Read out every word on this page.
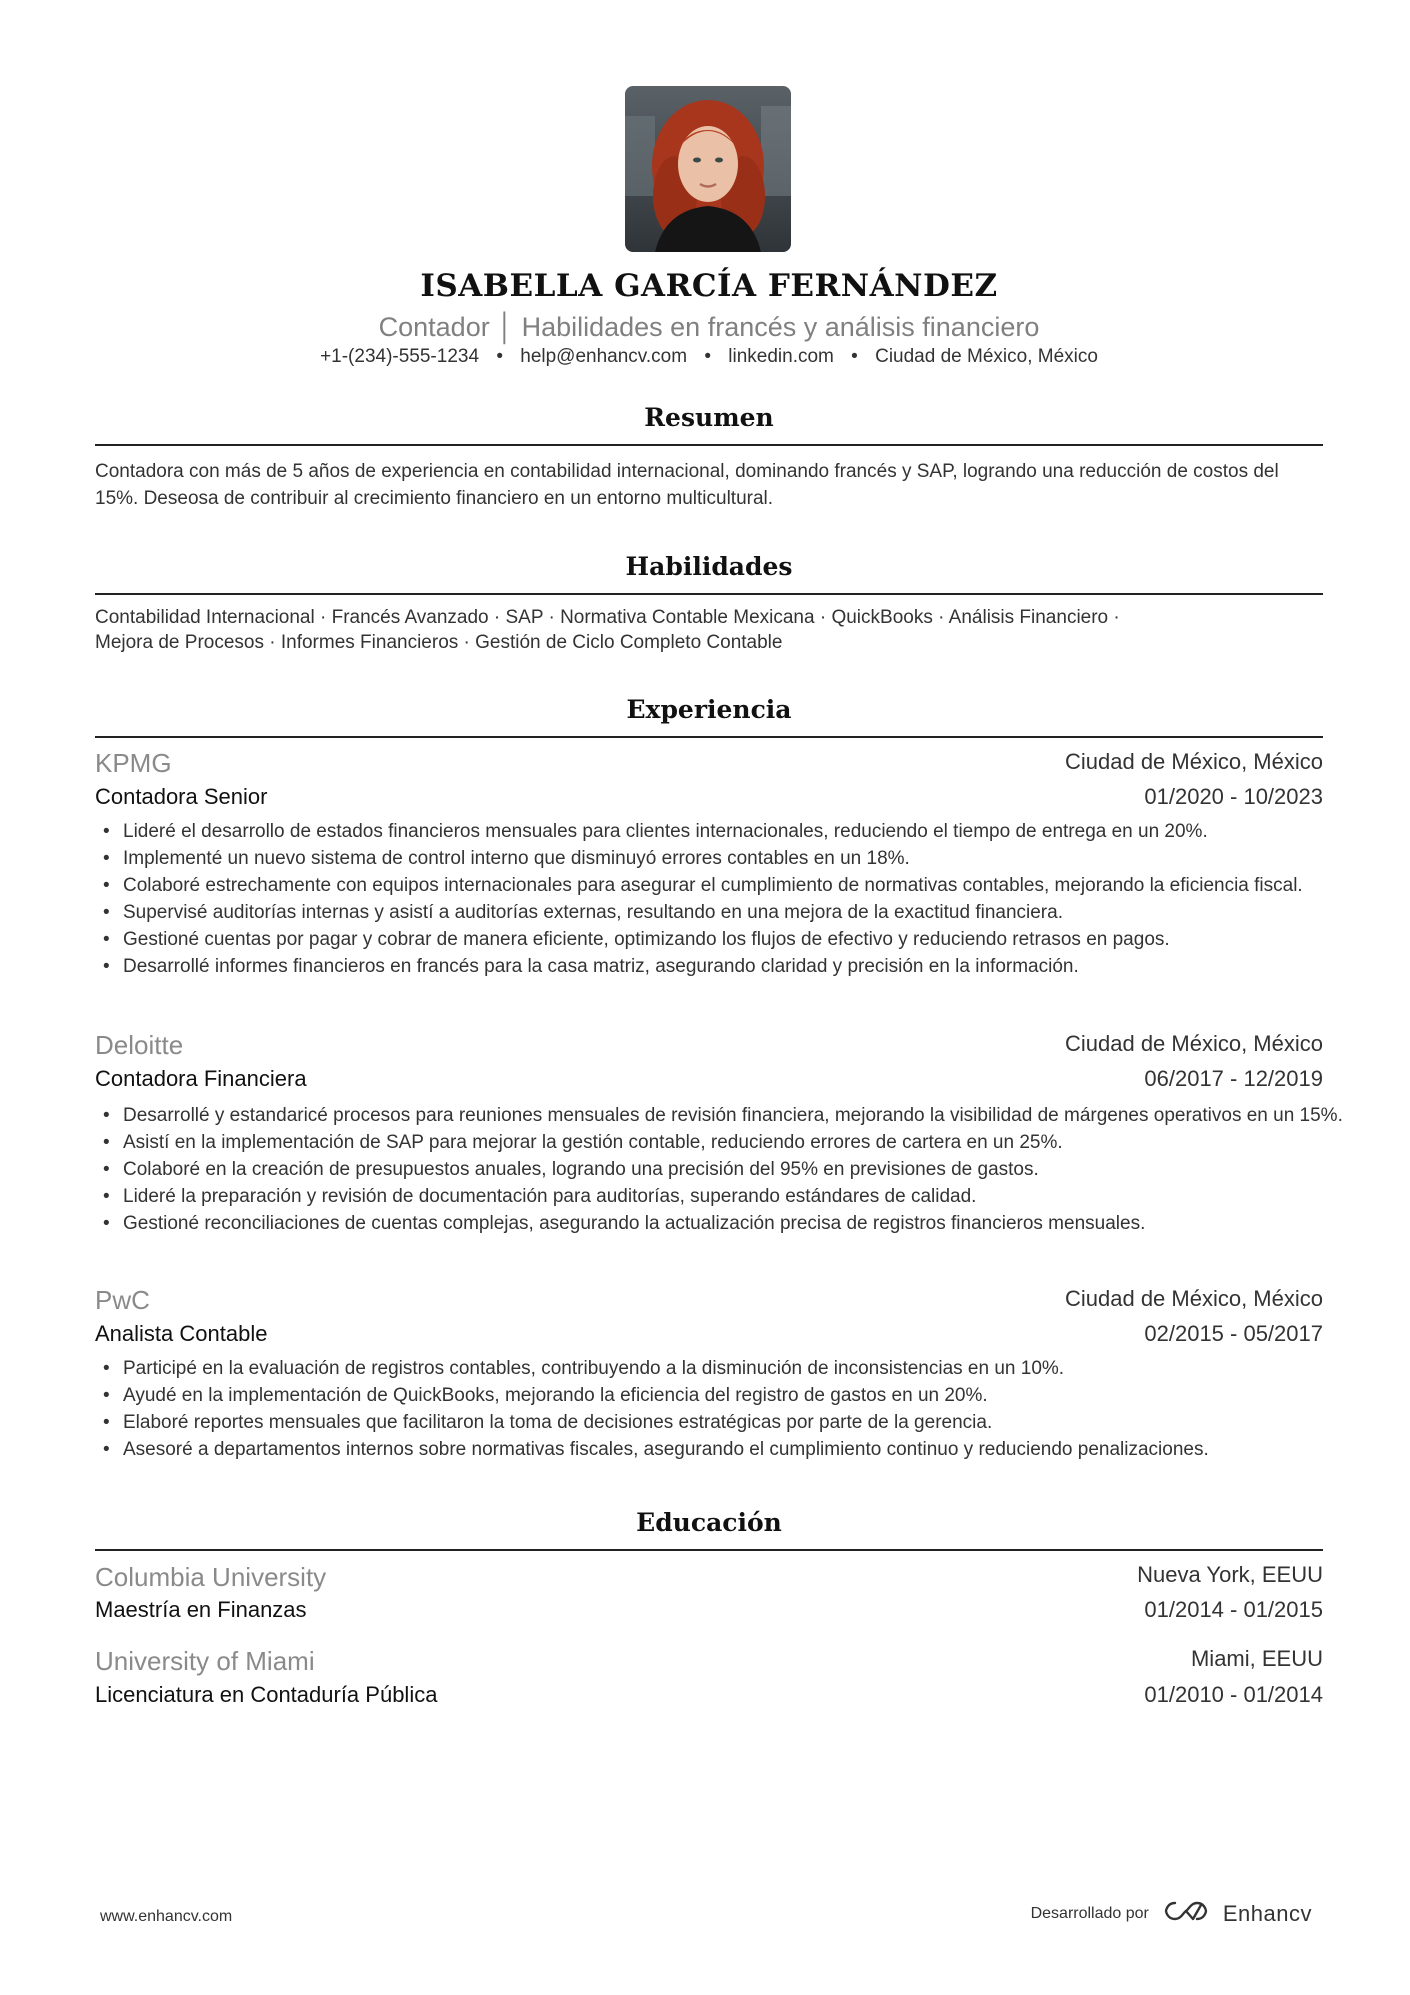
ISABELLA GARCÍA FERNÁNDEZ
Contador │ Habilidades en francés y análisis financiero
+1-(234)-555-1234 • help@enhancv.com • linkedin.com • Ciudad de México, México
Resumen

Contadora con más de 5 años de experiencia en contabilidad internacional, dominando francés y SAP, logrando una reducción de costos del 15%. Deseosa de contribuir al crecimiento financiero en un entorno multicultural.

Habilidades
Contabilidad Internacional · Francés Avanzado · SAP · Normativa Contable Mexicana · QuickBooks · Análisis Financiero ·
Mejora de Procesos · Informes Financieros · Gestión de Ciclo Completo Contable
Experiencia
KPMG	Ciudad de México, México
Contadora Senior	01/2020 - 10/2023
• Lideré el desarrollo de estados financieros mensuales para clientes internacionales, reduciendo el tiempo de entrega en un 20%.
• Implementé un nuevo sistema de control interno que disminuyó errores contables en un 18%.
• Colaboré estrechamente con equipos internacionales para asegurar el cumplimiento de normativas contables, mejorando la eficiencia fiscal.
• Supervisé auditorías internas y asistí a auditorías externas, resultando en una mejora de la exactitud financiera.
• Gestioné cuentas por pagar y cobrar de manera eficiente, optimizando los flujos de efectivo y reduciendo retrasos en pagos.
• Desarrollé informes financieros en francés para la casa matriz, asegurando claridad y precisión en la información.
Deloitte	Ciudad de México, México
Contadora Financiera	06/2017 - 12/2019
• Desarrollé y estandaricé procesos para reuniones mensuales de revisión financiera, mejorando la visibilidad de márgenes operativos en un 15%.
• Asistí en la implementación de SAP para mejorar la gestión contable, reduciendo errores de cartera en un 25%.
• Colaboré en la creación de presupuestos anuales, logrando una precisión del 95% en previsiones de gastos.
• Lideré la preparación y revisión de documentación para auditorías, superando estándares de calidad.
• Gestioné reconciliaciones de cuentas complejas, asegurando la actualización precisa de registros financieros mensuales.
PwC	Ciudad de México, México
Analista Contable	02/2015 - 05/2017
• Participé en la evaluación de registros contables, contribuyendo a la disminución de inconsistencias en un 10%.
• Ayudé en la implementación de QuickBooks, mejorando la eficiencia del registro de gastos en un 20%.
• Elaboré reportes mensuales que facilitaron la toma de decisiones estratégicas por parte de la gerencia.
• Asesoré a departamentos internos sobre normativas fiscales, asegurando el cumplimiento continuo y reduciendo penalizaciones.
Educación
Columbia University	Nueva York, EEUU
Maestría en Finanzas	01/2014 - 01/2015
University of Miami	Miami, EEUU
Licenciatura en Contaduría Pública	01/2010 - 01/2014
www.enhancv.com	Desarrollado por	Enhancv
